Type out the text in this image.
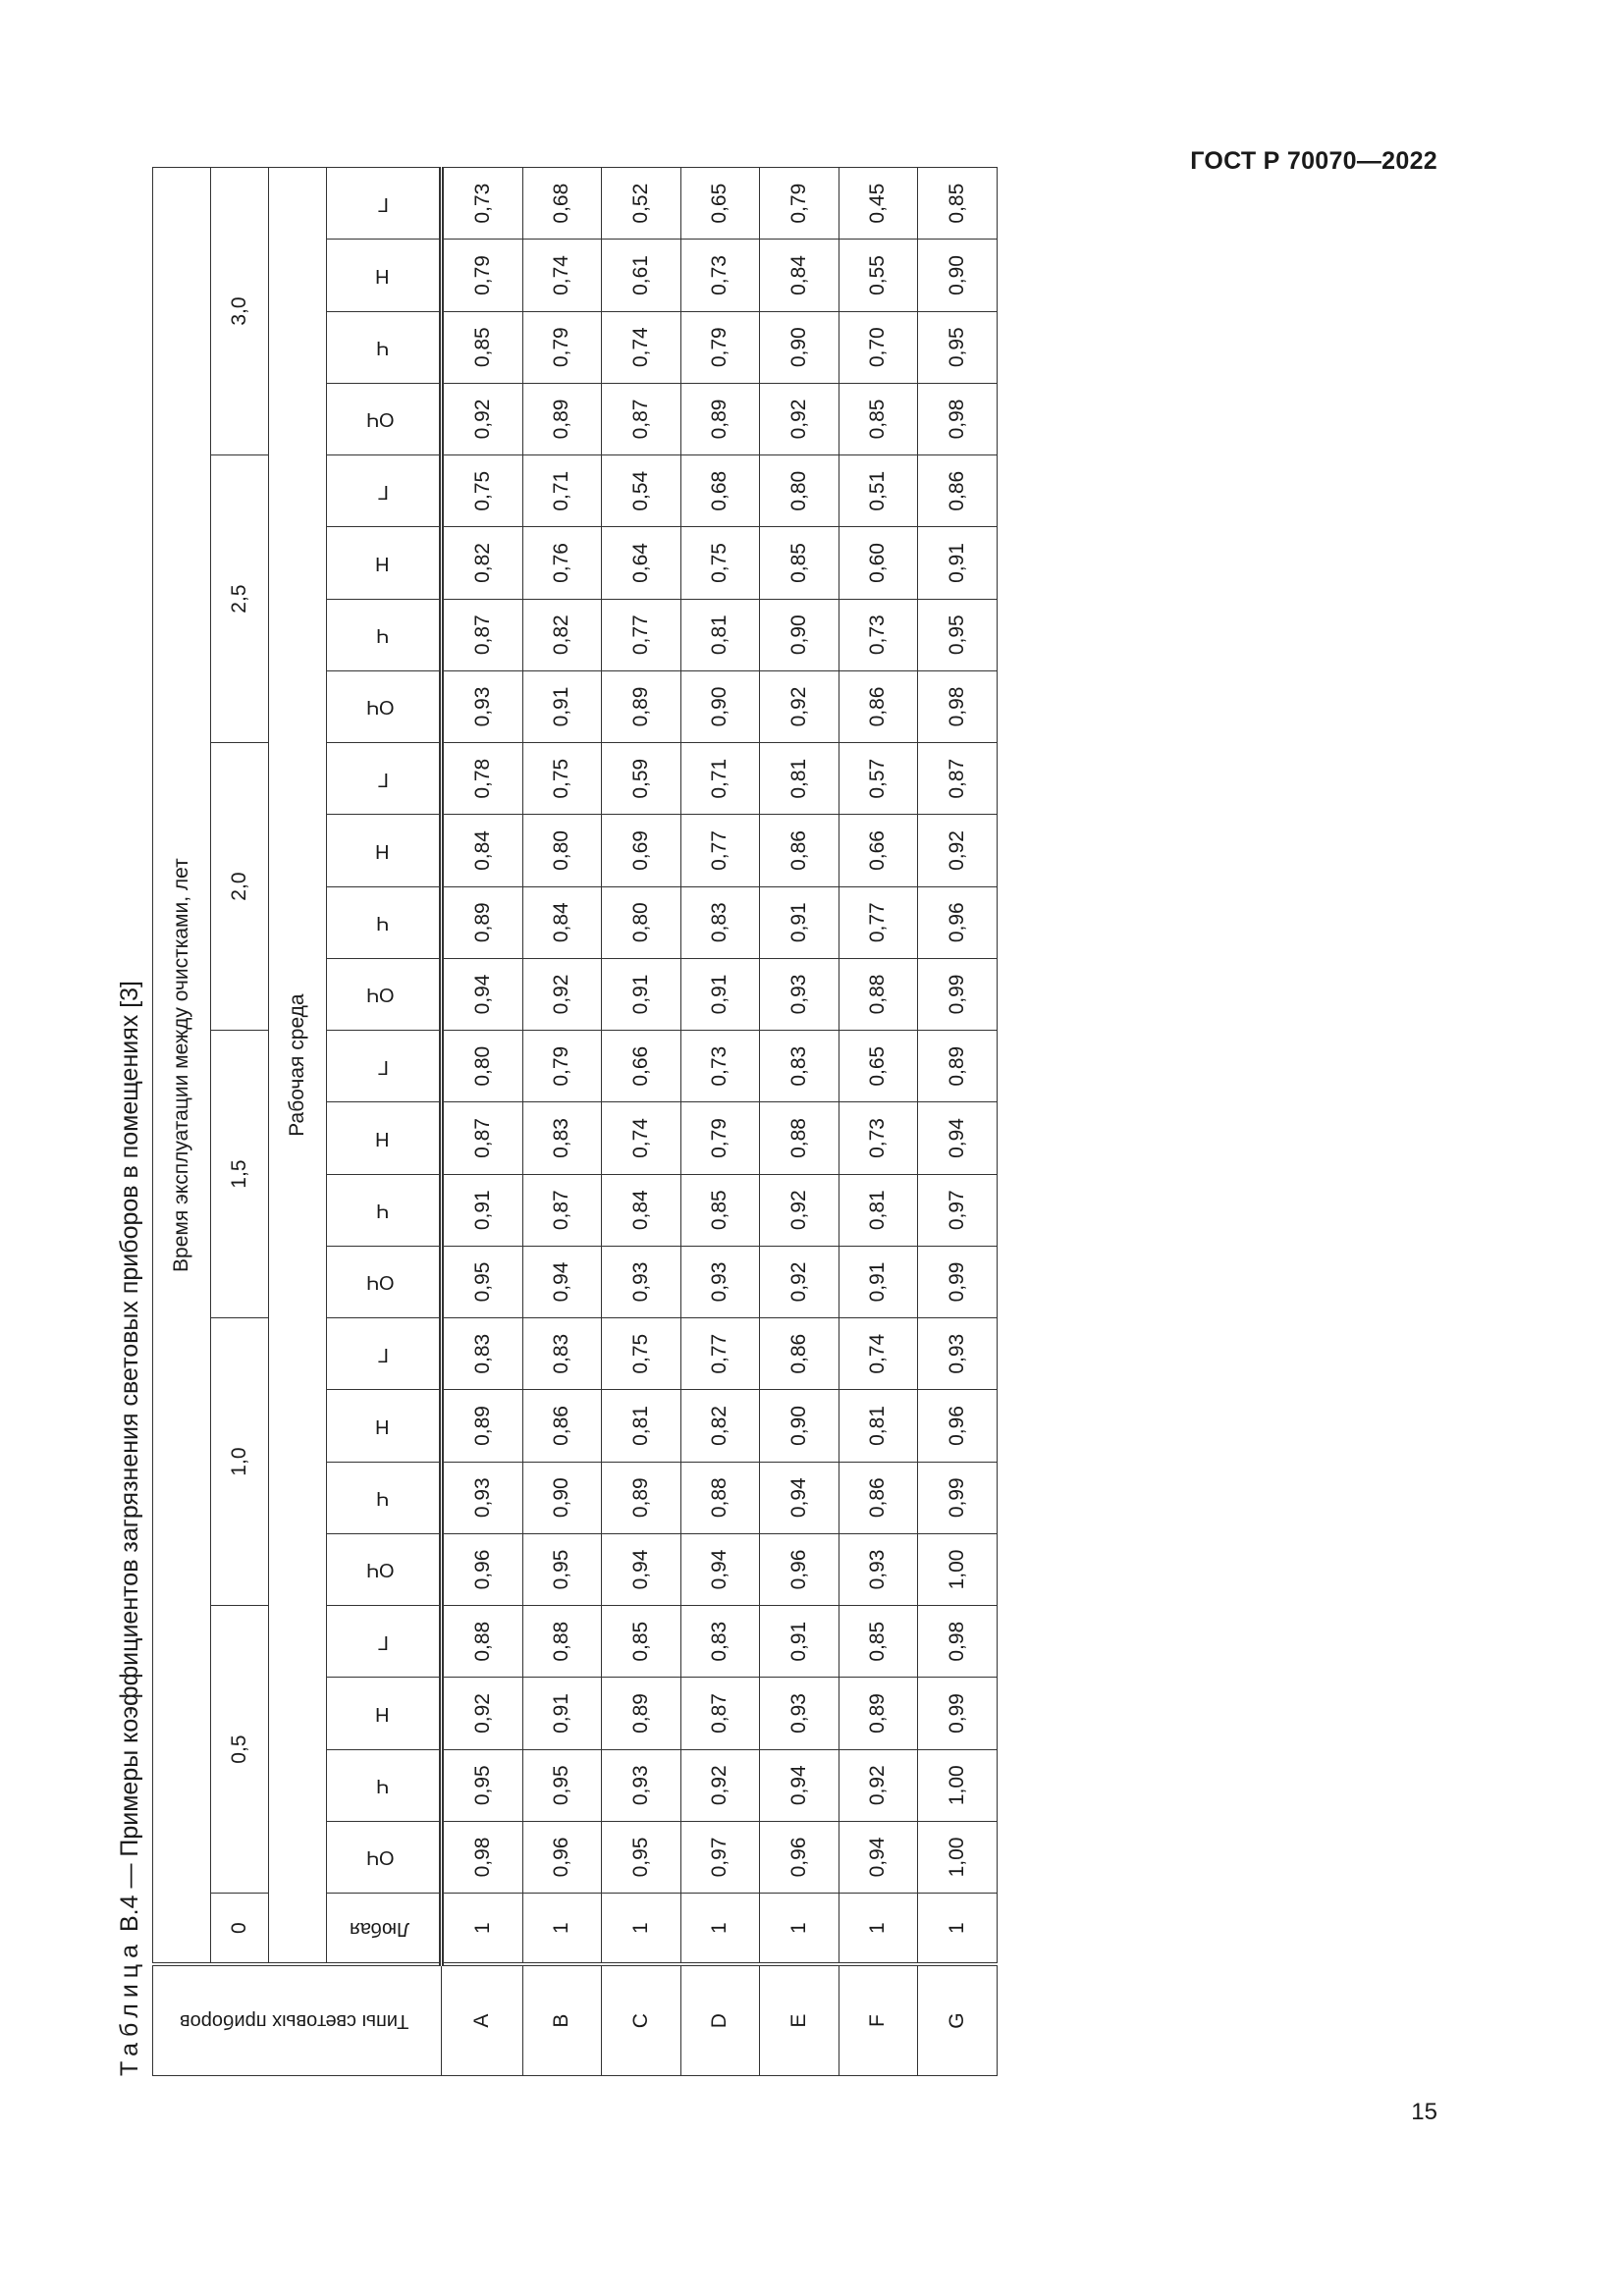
ГОСТ Р 70070—2022
Таблица В.4 — Примеры коэффициентов загрязнения световых приборов в помещениях [3]
Типы световых приборов	Время эксплуатации между очистками, лет																								
	0	0,5				1,0				1,5				2,0				2,5				3,0			
	Рабочая среда																								
	Любая	ОЧ	Ч	Н	Г	ОЧ	Ч	Н	Г	ОЧ	Ч	Н	Г	ОЧ	Ч	Н	Г	ОЧ	Ч	Н	Г	ОЧ	Ч	Н	Г
A	1	0,98	0,95	0,92	0,88	0,96	0,93	0,89	0,83	0,95	0,91	0,87	0,80	0,94	0,89	0,84	0,78	0,93	0,87	0,82	0,75	0,92	0,85	0,79	0,73
B	1	0,96	0,95	0,91	0,88	0,95	0,90	0,86	0,83	0,94	0,87	0,83	0,79	0,92	0,84	0,80	0,75	0,91	0,82	0,76	0,71	0,89	0,79	0,74	0,68
C	1	0,95	0,93	0,89	0,85	0,94	0,89	0,81	0,75	0,93	0,84	0,74	0,66	0,91	0,80	0,69	0,59	0,89	0,77	0,64	0,54	0,87	0,74	0,61	0,52
D	1	0,97	0,92	0,87	0,83	0,94	0,88	0,82	0,77	0,93	0,85	0,79	0,73	0,91	0,83	0,77	0,71	0,90	0,81	0,75	0,68	0,89	0,79	0,73	0,65
E	1	0,96	0,94	0,93	0,91	0,96	0,94	0,90	0,86	0,92	0,92	0,88	0,83	0,93	0,91	0,86	0,81	0,92	0,90	0,85	0,80	0,92	0,90	0,84	0,79
F	1	0,94	0,92	0,89	0,85	0,93	0,86	0,81	0,74	0,91	0,81	0,73	0,65	0,88	0,77	0,66	0,57	0,86	0,73	0,60	0,51	0,85	0,70	0,55	0,45
G	1	1,00	1,00	0,99	0,98	1,00	0,99	0,96	0,93	0,99	0,97	0,94	0,89	0,99	0,96	0,92	0,87	0,98	0,95	0,91	0,86	0,98	0,95	0,90	0,85
15
